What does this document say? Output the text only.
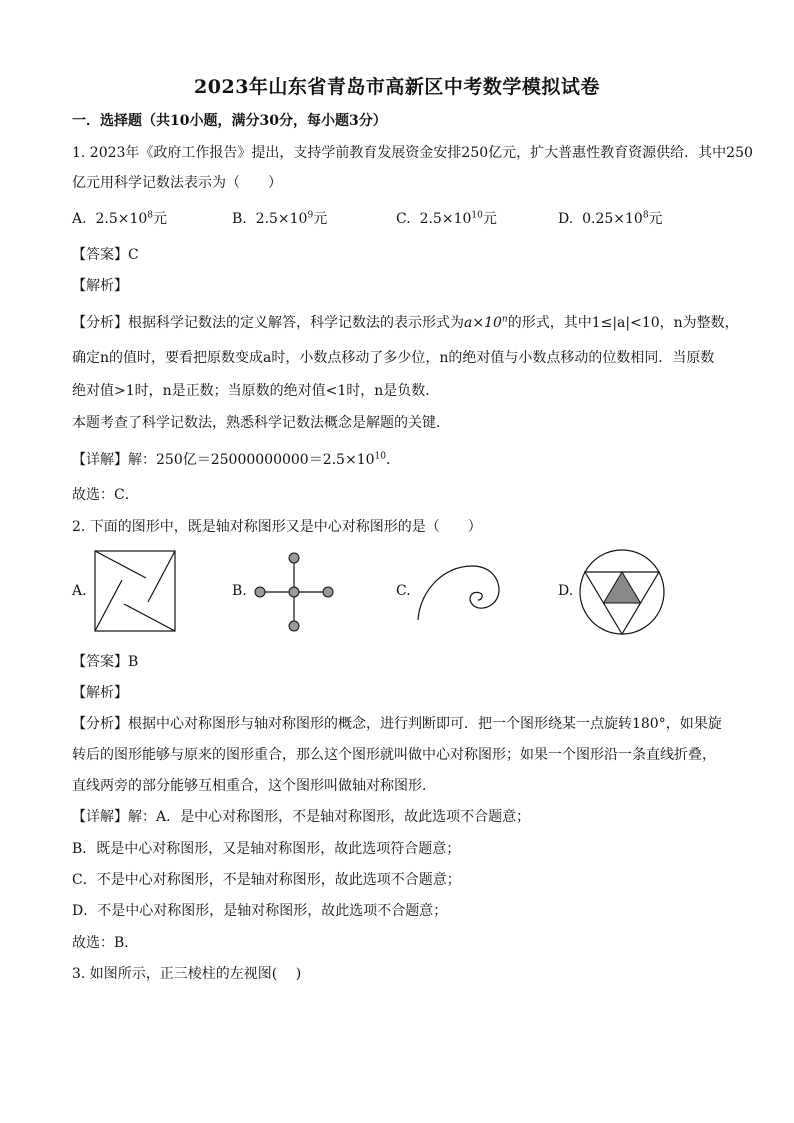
2023年山东省青岛市高新区中考数学模拟试卷
一．选择题（共10小题，满分30分，每小题3分）
1. 2023年《政府工作报告》提出，支持学前教育发展资金安排250亿元，扩大普惠性教育资源供给．其中250
亿元用科学记数法表示为（　　）
A. $2.5\times 10^8$元	B. $2.5\times 10^9$元	C. $2.5\times 10^{10}$元	D. $0.25\times 10^8$元
【答案】C
【解析】
【分析】根据科学记数法的定义解答，科学记数法的表示形式为$a\times 10^n$的形式，其中1≤|a|<10，n为整数，
确定n的值时，要看把原数变成a时，小数点移动了多少位，n的绝对值与小数点移动的位数相同．当原数
绝对值>1时，n是正数；当原数的绝对值<1时，n是负数．
本题考查了科学记数法，熟悉科学记数法概念是解题的关键．
【详解】解：250亿$=25000000000=2.5\times 10^{10}$．
故选：C．
2. 下面的图形中，既是轴对称图形又是中心对称图形的是（　　）
A.	B.	C.	D.
【答案】B
【解析】
【分析】根据中心对称图形与轴对称图形的概念，进行判断即可．把一个图形绕某一点旋转180°，如果旋
转后的图形能够与原来的图形重合，那么这个图形就叫做中心对称图形；如果一个图形沿一条直线折叠，
直线两旁的部分能够互相重合，这个图形叫做轴对称图形．
【详解】解：A．是中心对称图形，不是轴对称图形，故此选项不合题意；
B．既是中心对称图形，又是轴对称图形，故此选项符合题意；
C．不是中心对称图形，不是轴对称图形，故此选项不合题意；
D．不是中心对称图形，是轴对称图形，故此选项不合题意；
故选：B．
3. 如图所示，正三棱柱的左视图(　 )
